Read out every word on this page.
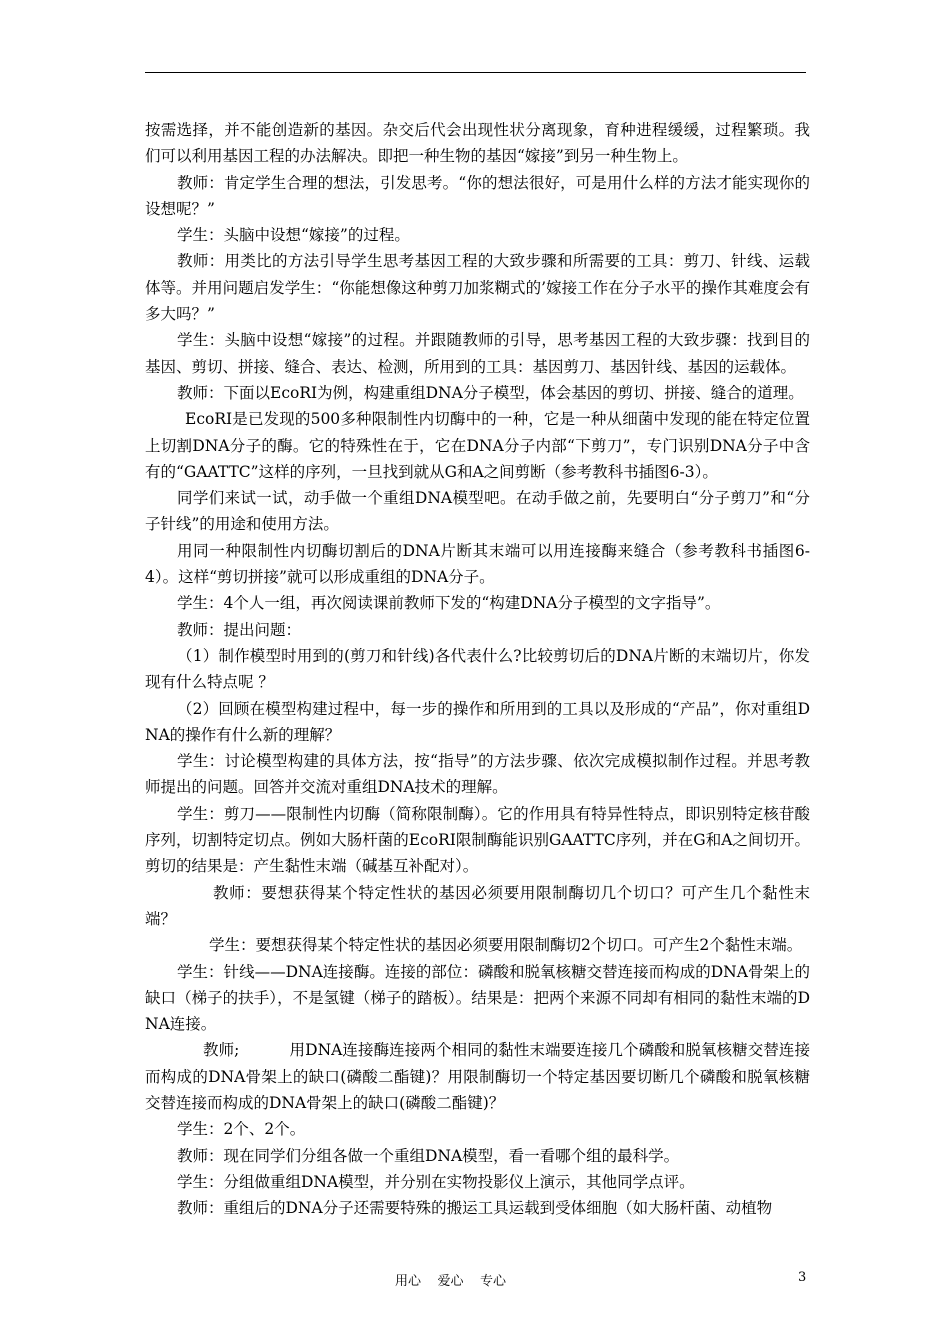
按需选择，并不能创造新的基因。杂交后代会出现性状分离现象，育种进程缓缓，过程繁琐。我们可以利用基因工程的办法解决。即把一种生物的基因“嫁接”到另一种生物上。

教师：肯定学生合理的想法，引发思考。“你的想法很好，可是用什么样的方法才能实现你的设想呢？”

学生：头脑中设想“嫁接”的过程。

教师：用类比的方法引导学生思考基因工程的大致步骤和所需要的工具：剪刀、针线、运载体等。并用问题启发学生：“你能想像这种剪刀加浆糊式的’嫁接工作在分子水平的操作其难度会有多大吗？”

学生：头脑中设想“嫁接”的过程。并跟随教师的引导，思考基因工程的大致步骤：找到目的基因、剪切、拼接、缝合、表达、检测，所用到的工具：基因剪刀、基因针线、基因的运载体。

教师：下面以EcoRI为例，构建重组DNA分子模型，体会基因的剪切、拼接、缝合的道理。

EcoRI是已发现的500多种限制性内切酶中的一种，它是一种从细菌中发现的能在特定位置上切割DNA分子的酶。它的特殊性在于，它在DNA分子内部“下剪刀”，专门识别DNA分子中含有的“GAATTC”这样的序列，一旦找到就从G和A之间剪断（参考教科书插图6-3）。

同学们来试一试，动手做一个重组DNA模型吧。在动手做之前，先要明白“分子剪刀”和“分子针线”的用途和使用方法。

用同一种限制性内切酶切割后的DNA片断其末端可以用连接酶来缝合（参考教科书插图6-4）。这样“剪切拼接”就可以形成重组的DNA分子。

学生：4个人一组，再次阅读课前教师下发的“构建DNA分子模型的文字指导”。

教师：提出问题：

（1）制作模型时用到的(剪刀和针线)各代表什么?比较剪切后的DNA片断的末端切片，你发现有什么特点呢 ？

（2）回顾在模型构建过程中，每一步的操作和所用到的工具以及形成的“产品”，你对重组DNA的操作有什么新的理解？

学生：讨论模型构建的具体方法，按“指导”的方法步骤、依次完成模拟制作过程。并思考教师提出的问题。回答并交流对重组DNA技术的理解。

学生：剪刀——限制性内切酶（简称限制酶）。它的作用具有特异性特点，即识别特定核苷酸序列，切割特定切点。例如大肠杆菌的EcoRI限制酶能识别GAATTC序列，并在G和A之间切开。剪切的结果是：产生黏性末端（碱基互补配对）。

教师：要想获得某个特定性状的基因必须要用限制酶切几个切口？可产生几个黏性末端？

学生：要想获得某个特定性状的基因必须要用限制酶切2个切口。可产生2个黏性末端。

学生：针线——DNA连接酶。连接的部位：磷酸和脱氧核糖交替连接而构成的DNA骨架上的缺口（梯子的扶手），不是氢键（梯子的踏板）。结果是：把两个来源不同却有相同的黏性末端的DNA连接。

教师;          用DNA连接酶连接两个相同的黏性末端要连接几个磷酸和脱氧核糖交替连接而构成的DNA骨架上的缺口(磷酸二酯键)？用限制酶切一个特定基因要切断几个磷酸和脱氧核糖交替连接而构成的DNA骨架上的缺口(磷酸二酯键)？

学生：2个、2个。

教师：现在同学们分组各做一个重组DNA模型，看一看哪个组的最科学。

学生：分组做重组DNA模型，并分别在实物投影仪上演示，其他同学点评。

教师：重组后的DNA分子还需要特殊的搬运工具运载到受体细胞（如大肠杆菌、动植物

用心    爱心    专心	3
